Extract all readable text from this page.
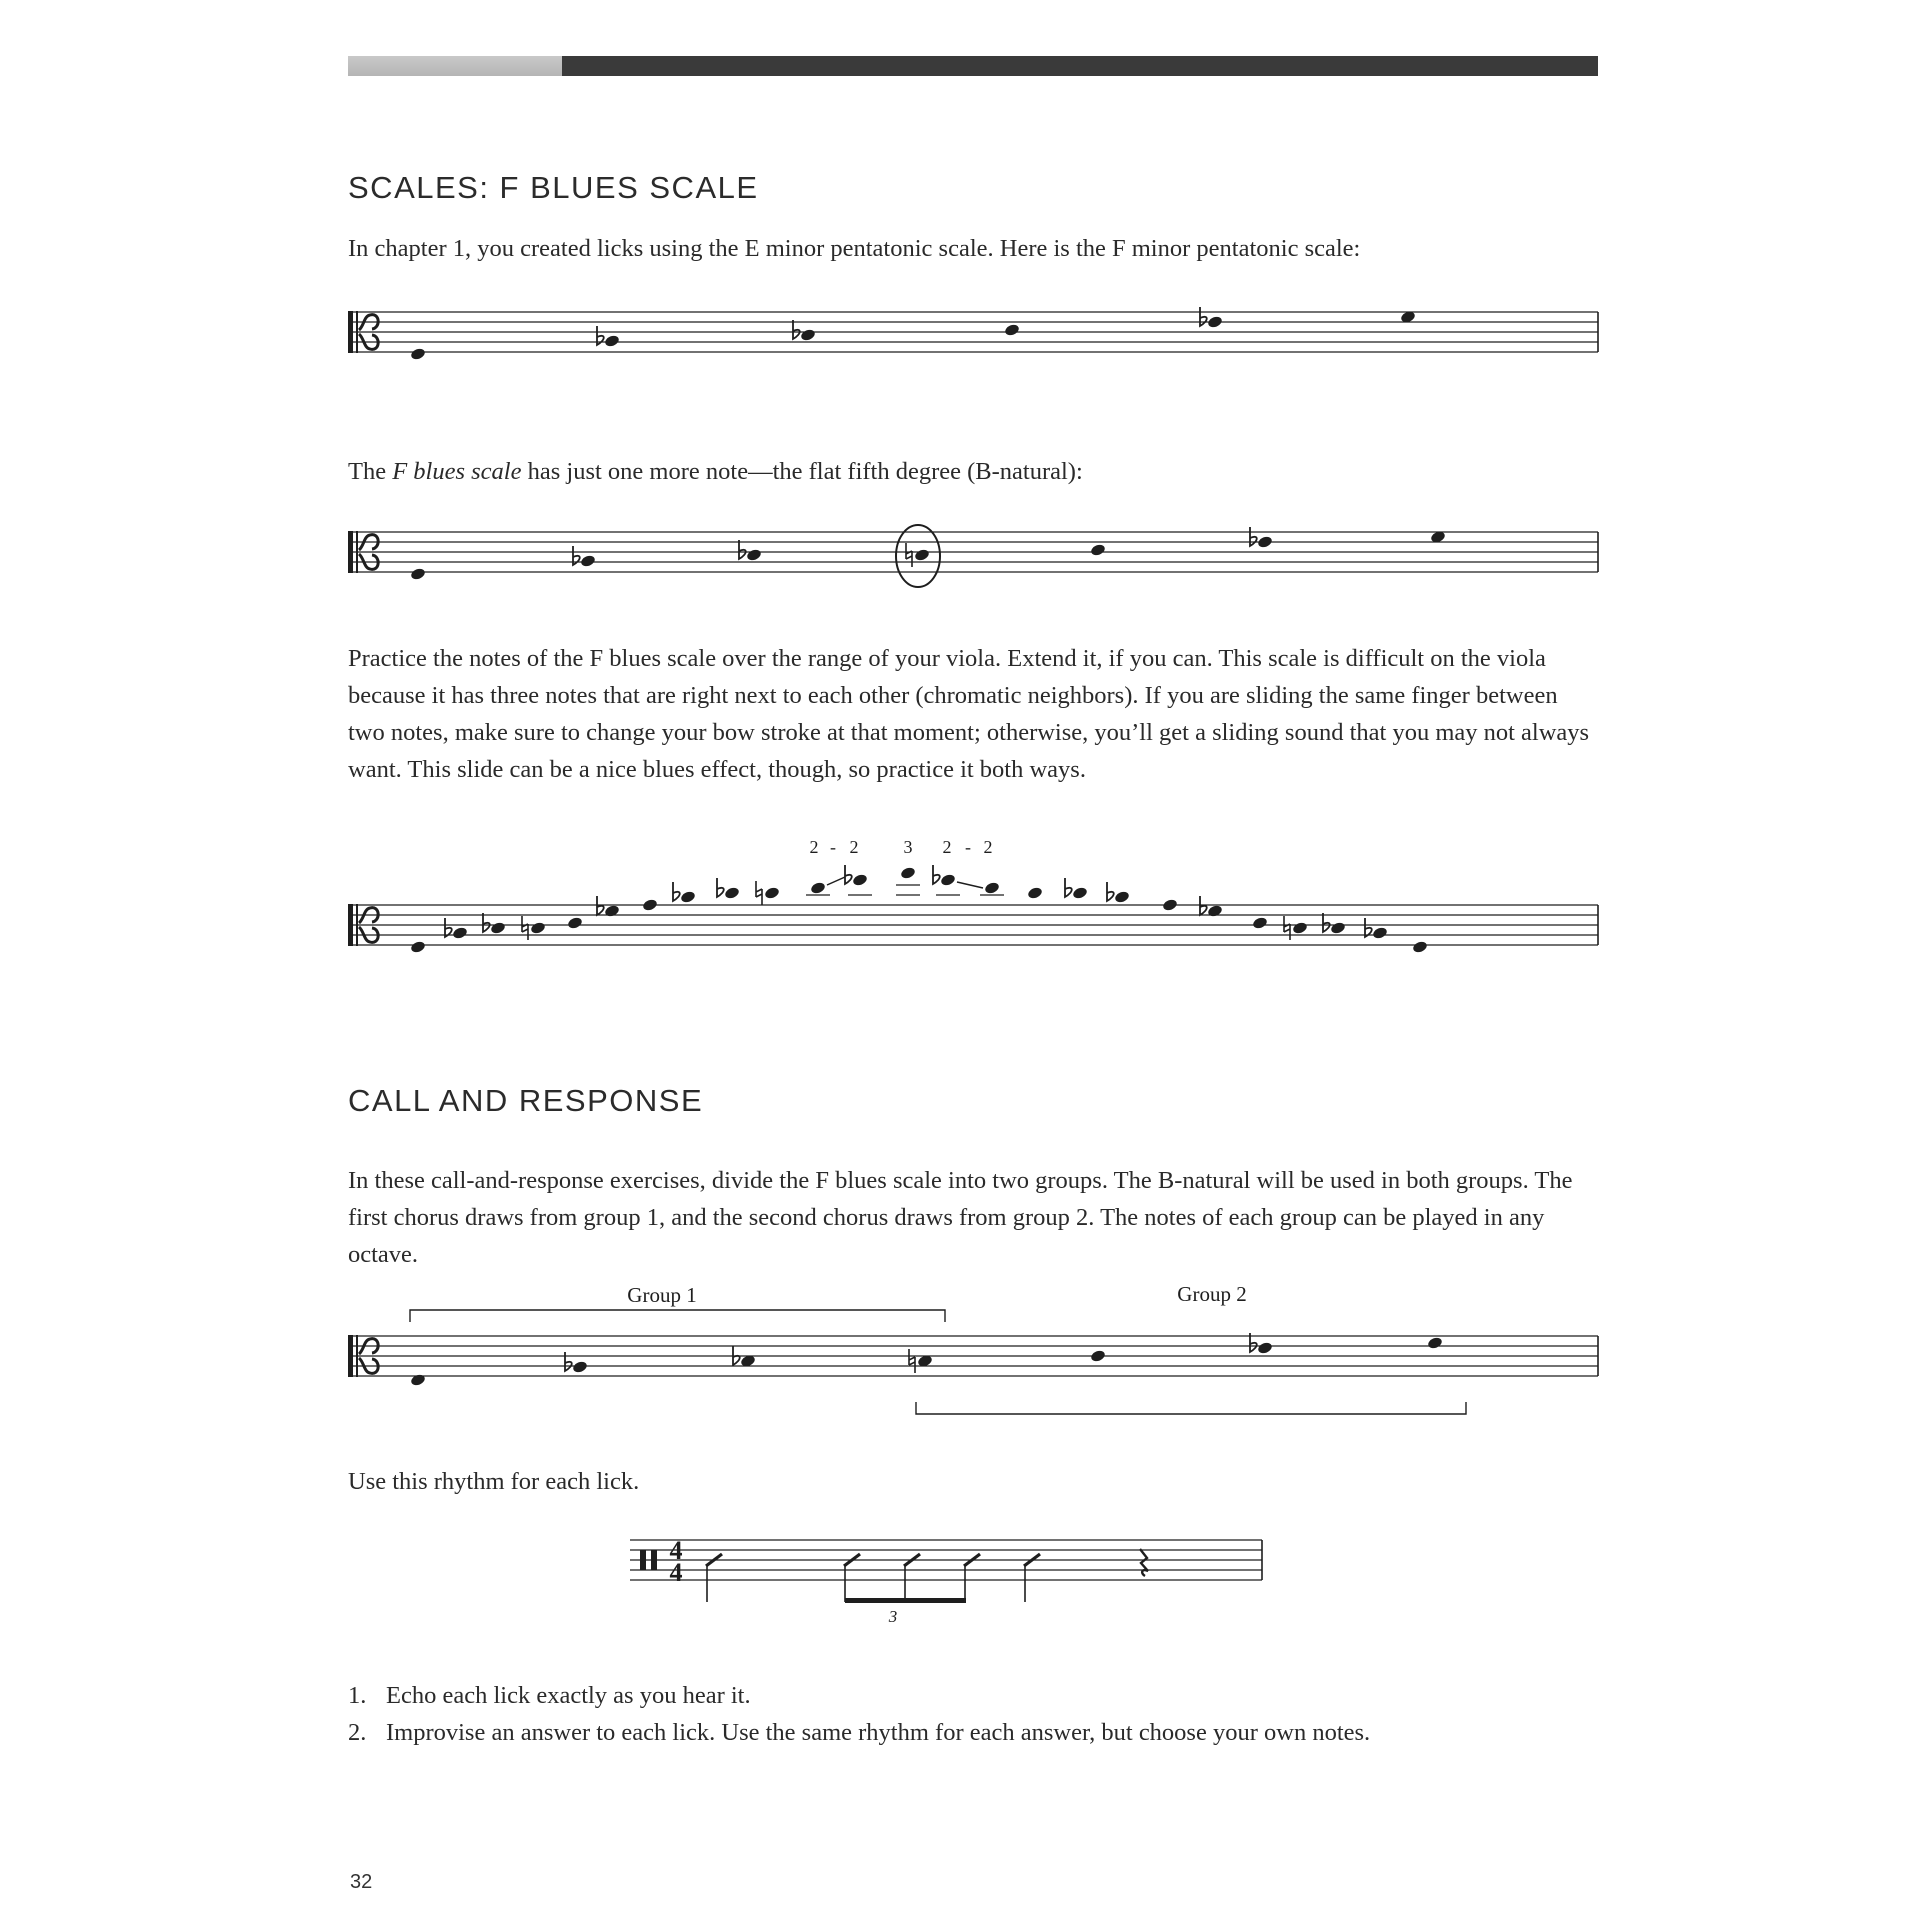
SCALES: F BLUES SCALE

In chapter 1, you created licks using the E minor pentatonic scale. Here is the F minor pentatonic scale:

The F blues scale has just one more note—the flat fifth degree (B-natural):

Practice the notes of the F blues scale over the range of your viola. Extend it, if you can. This scale is difficult on the viola because it has three notes that are right next to each other (chromatic neighbors). If you are sliding the same finger between two notes, make sure to change your bow stroke at that moment; otherwise, you’ll get a sliding sound that you may not always want. This slide can be a nice blues effect, though, so practice it both ways.

2 - 2	3 2 - 2
CALL AND RESPONSE

In these call-and-response exercises, divide the F blues scale into two groups. The B-natural will be used in both groups. The first chorus draws from group 1, and the second chorus draws from group 2. The notes of each group can be played in any octave.

Group 1	Group 2

Use this rhythm for each lick.

4
4
3
1. Echo each lick exactly as you hear it.
2. Improvise an answer to each lick. Use the same rhythm for each answer, but choose your own notes.
32
